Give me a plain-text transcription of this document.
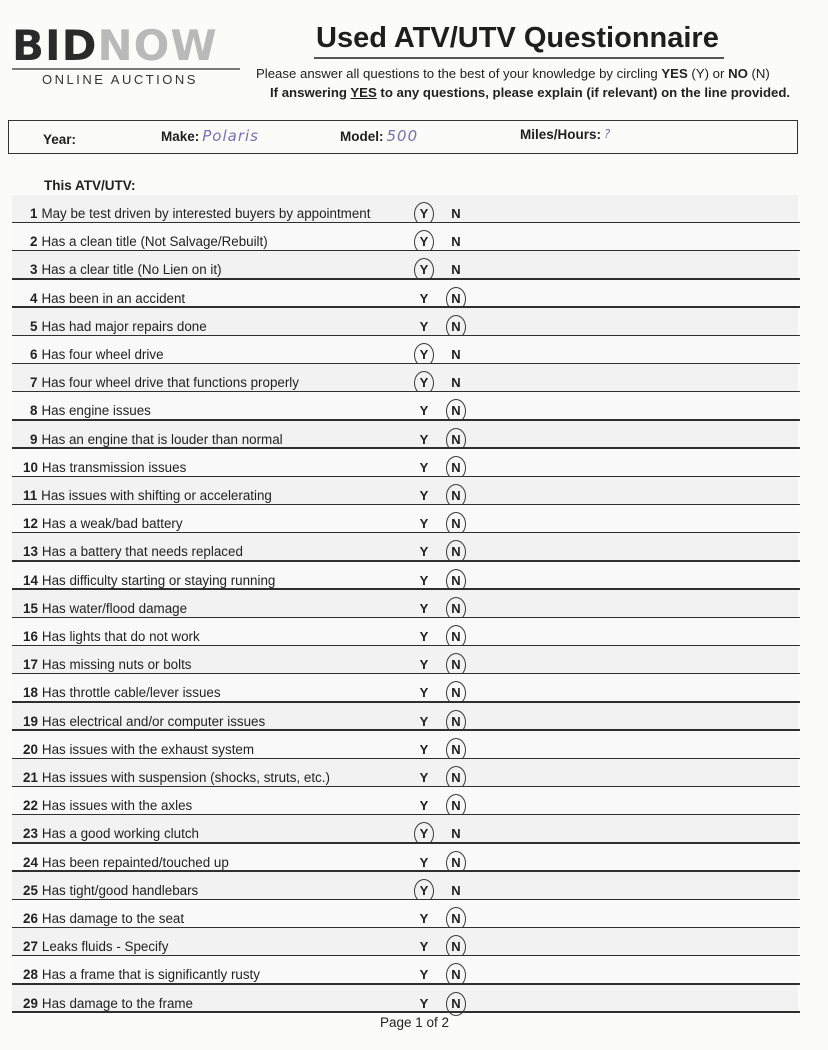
BIDNOW
ONLINE AUCTIONS
Used ATV/UTV Questionnaire
Please answer all questions to the best of your knowledge by circling YES (Y) or NO (N)
If answering YES to any questions, please explain (if relevant) on the line provided.
Year:	Make: Polaris	Model: 500	Miles/Hours: ?
This ATV/UTV:
1 May be test driven by interested buyers by appointment	Y	N
2 Has a clean title (Not Salvage/Rebuilt)	Y	N
3 Has a clear title (No Lien on it)	Y	N
4 Has been in an accident	Y	N
5 Has had major repairs done	Y	N
6 Has four wheel drive	Y	N
7 Has four wheel drive that functions properly	Y	N
8 Has engine issues	Y	N
9 Has an engine that is louder than normal	Y	N
10 Has transmission issues	Y	N
11 Has issues with shifting or accelerating	Y	N
12 Has a weak/bad battery	Y	N
13 Has a battery that needs replaced	Y	N
14 Has difficulty starting or staying running	Y	N
15 Has water/flood damage	Y	N
16 Has lights that do not work	Y	N
17 Has missing nuts or bolts	Y	N
18 Has throttle cable/lever issues	Y	N
19 Has electrical and/or computer issues	Y	N
20 Has issues with the exhaust system	Y	N
21 Has issues with suspension (shocks, struts, etc.)	Y	N
22 Has issues with the axles	Y	N
23 Has a good working clutch	Y	N
24 Has been repainted/touched up	Y	N
25 Has tight/good handlebars	Y	N
26 Has damage to the seat	Y	N
27 Leaks fluids - Specify	Y	N
28 Has a frame that is significantly rusty	Y	N
29 Has damage to the frame	Y	N
Page 1 of 2
